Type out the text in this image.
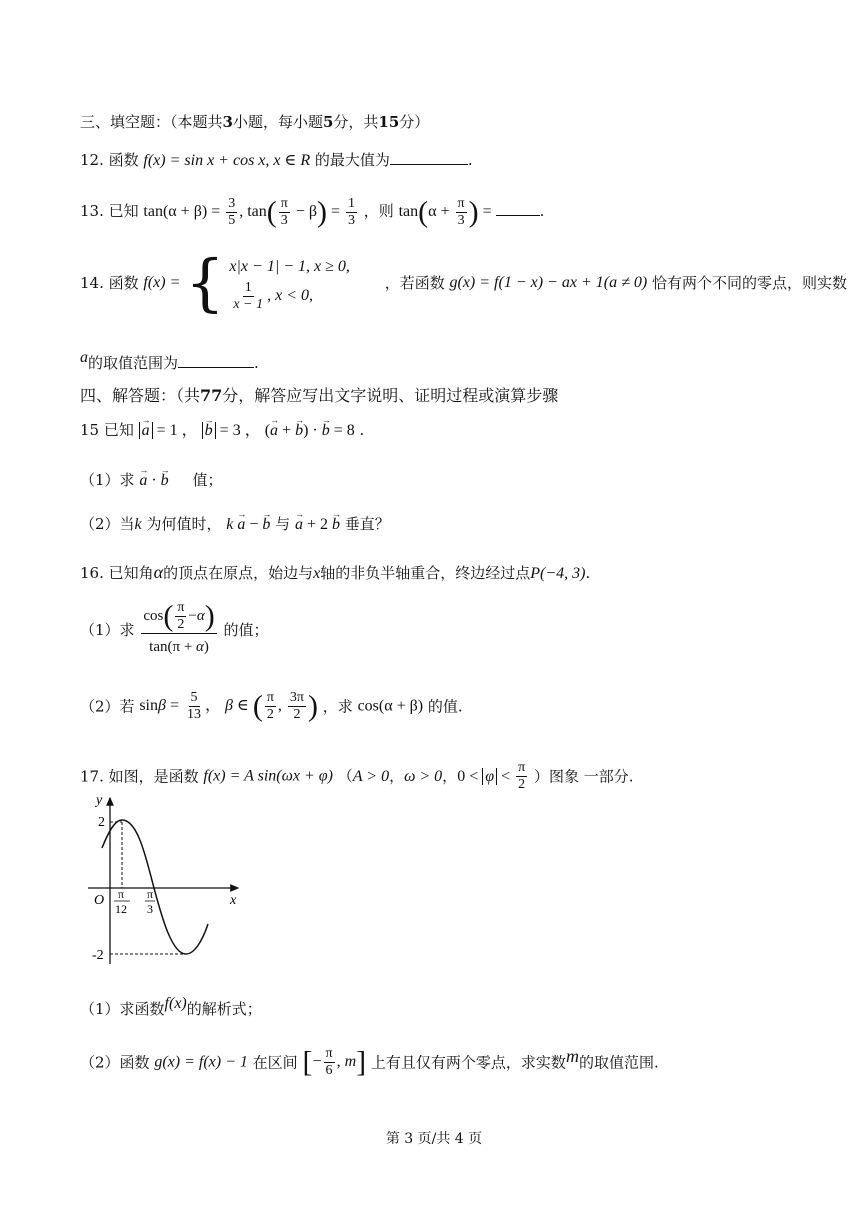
三、填空题：（本题共3小题，每小题5分，共15分）
12. 函数 f(x) = sin x + cos x, x ∈ R 的最大值为	.
13. 已知 $\tan(\alpha + \beta) = \frac{3}{5}$ , $\tan( \frac{\pi}{3} - \beta) = \frac{1}{3}$ ，则 $\tan(\alpha + \frac{\pi}{3}$ ) =	.
14. 函数 f(x) = { x|x − 1| − 1, x ≥ 0,

$\frac{1}{x - 1}$ , x < 0, ，若函数 g(x) = f(1 − x) − ax + 1(a ≠ 0) 恰有两个不同的零点，则实数
a的取值范围为	.
四、解答题：（共77分，解答应写出文字说明、证明过程或演算步骤
15 已知 → a = 1 ， → b = 3 ， (→ a + → b) · → b = 8 .
（1）求 → a · → b 值；
（2）当k 为何值时， k → a − → b 与 → a + 2 → b 垂直？
16. 已知角α的顶点在原点，始边与x轴的非负半轴重合，终边经过点P(−4, 3).
（1）求 $\frac{\cos( \frac{\pi}{2} -\alpha)}{\tan(\pi + \alpha)}$ 的值；
（2）若 $\sin\beta = \frac{5}{13}$ ， β ∈ ( $\frac{\pi}{2}$ , $\frac{3\pi}{2}$ ) ，求 cos(α + β) 的值.
17. 如图，是函数 f(x) = A sin(ωx + φ) （A > 0，ω > 0，$0 < \varphi < \frac{\pi}{2}$ ）图象 一部分.
y
x
O
2
-2
π
12
π
3
（1）求函数f(x)的解析式；
（2）函数 g(x) = f(x) − 1 在区间 [− $\frac{\pi}{6}$ , m] 上有且仅有两个零点，求实数m的取值范围.
第 3 页/共 4 页
